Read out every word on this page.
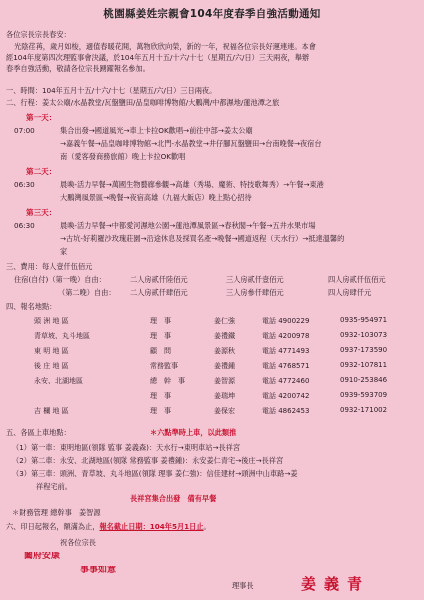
桃園縣姜姓宗親會104年度春季自強活動通知
各位宗長宗長春安：
光陰荏苒，歲月如梭，適值春暖花開，萬物欣欣向榮，新的一年，祝福各位宗長好運連連。本會
經104年度第四次理監事會決議，於104年五月十五/十六/十七（星期五/六/日）三天兩夜，舉辦
春季自強活動，敬請各位宗長踴躍報名參加。
一、時間：104年五月十五/十六/十七（星期五/六/日）三日兩夜。
二、行程：姜太公廟/水晶教堂/瓦盤鹽田/品皇咖啡博物館/大鵬灣/中都濕地/蓮池潭之旅
第一天：
07:00	集合出發→國道風光→車上卡拉OK歡唱→前往中部→姜太公廟
→嘉義午餐→品皇咖啡博物館→北門-水晶教堂→井仔腳瓦盤鹽田→台南晚餐→夜宿台
南（愛客發商務旅館）晚上卡拉OK歡唱
第二天：
06:30	晨喚-活力早餐→萬國生物藝廊參觀→高雄（秀場、魔術、特技歌舞秀）→午餐→東港
大鵬灣風景區→晚餐→夜宿高雄（九福大飯店）晚上點心招待
第三天：
06:30	晨喚-活力早餐→中都愛河濕地公園→蓮池潭風景區→春秋閣→午餐→五井水果市場
→古坑-好莉羅沙玫瑰莊園→沿途休息及採買名產→晚餐→國道返程（天水行）→抵達溫馨的
家
三、費用：每人壹仟伍佰元
住宿(自付)（第一晚）自由：	二人房貳仟陸佰元	三人房貳仟壹佰元	四人房貳仟伍佰元
（第二晚）自由：	二人房貳仟肆佰元	三人房參仟肆佰元	四人房肆仟元
四、報名地點：
頭 洲 地 區	理　事	姜仁強	電話 4900229	0935-954971
青草坡、丸斗地區	理　事	姜禮鐵	電話 4200978	0932-103073
東 明 地 區	顧　問	姜源秋	電話 4771493	0937-173590
後 庄 地 區	常務監事	姜禮鍾	電話 4768571	0932-107811
永安、北湖地區	總　幹　事	姜智源	電話 4772460	0910-253846
理　事	姜瑞坤	電話 4200742	0939-593709
吉 欄 地 區	理　事	姜保宏	電話 4862453	0932-171002
五、各區上車地點：	＊六點準時上車，以此類推
（1）第一車：東明地區(領隊 監事 姜義森)：天水行→東明車站→長祥宮
（2）第二車：永安、北湖地區(領隊 常務監事 姜禮鍾)：永安姜仁青宅→後庄→長祥宮
（3）第三車：頭洲、青草坡、丸斗地區(領隊 理事 姜仁強)：信佳建材→頭洲中山車路→姜
祥程宅前。
長祥宮集合出發　備有早餐
＊財務管理 總幹事　姜智源
六、印日起報名，額滿為止，報名截止日期：104年5月1日止。
祝各位宗長
闔府安康
事事如意
理事長	姜義青
